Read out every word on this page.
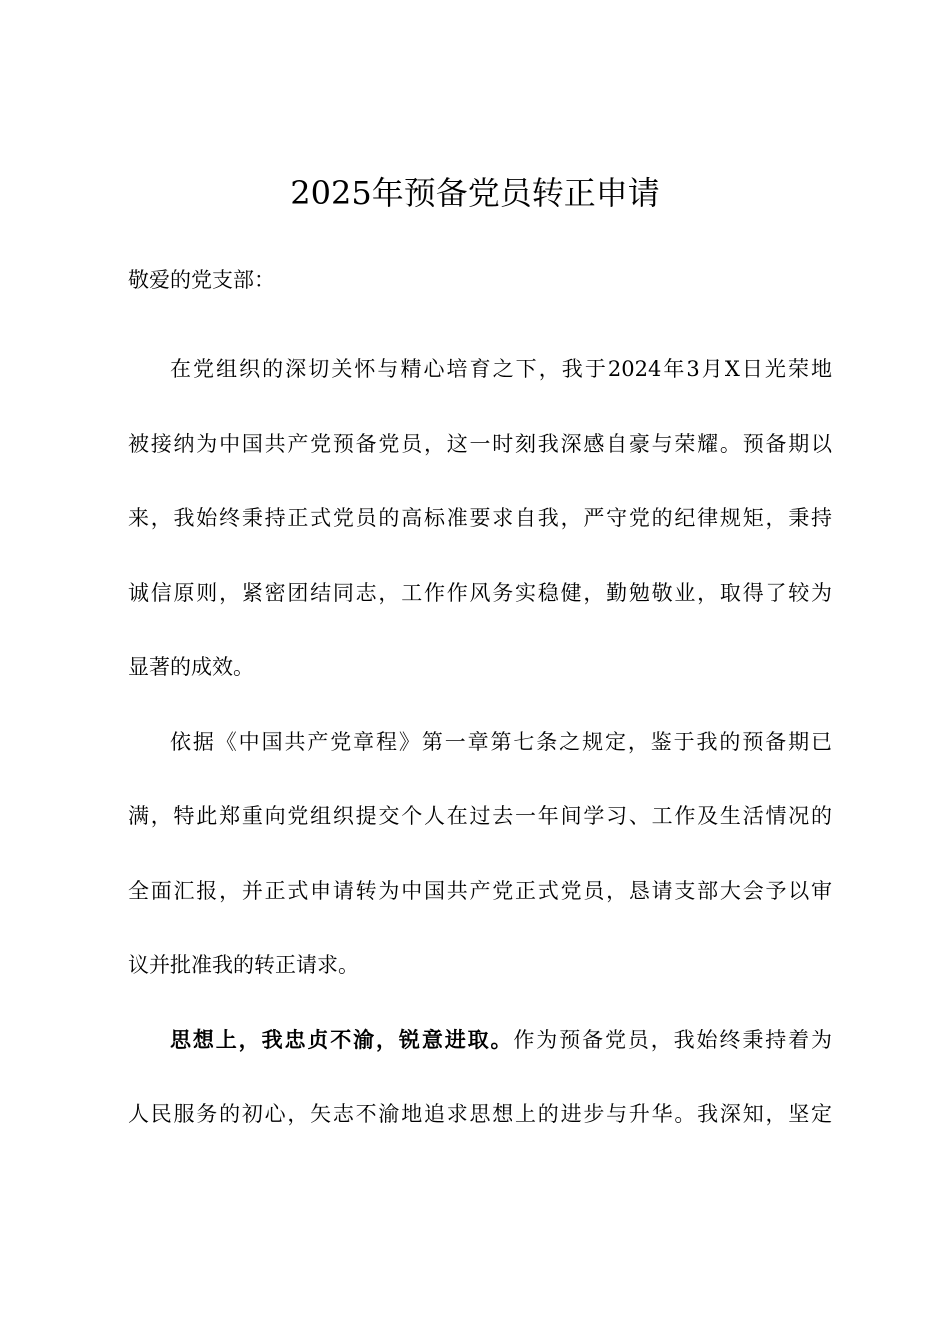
2025年预备党员转正申请
敬爱的党支部：
在党组织的深切关怀与精心培育之下，我于2024年3月X日光荣地
被接纳为中国共产党预备党员，这一时刻我深感自豪与荣耀。预备期以
来，我始终秉持正式党员的高标准要求自我，严守党的纪律规矩，秉持
诚信原则，紧密团结同志，工作作风务实稳健，勤勉敬业，取得了较为
显著的成效。
依据《中国共产党章程》第一章第七条之规定，鉴于我的预备期已
满，特此郑重向党组织提交个人在过去一年间学习、工作及生活情况的
全面汇报，并正式申请转为中国共产党正式党员，恳请支部大会予以审
议并批准我的转正请求。
思想上，我忠贞不渝，锐意进取。作为预备党员，我始终秉持着为
人民服务的初心，矢志不渝地追求思想上的进步与升华。我深知，坚定
